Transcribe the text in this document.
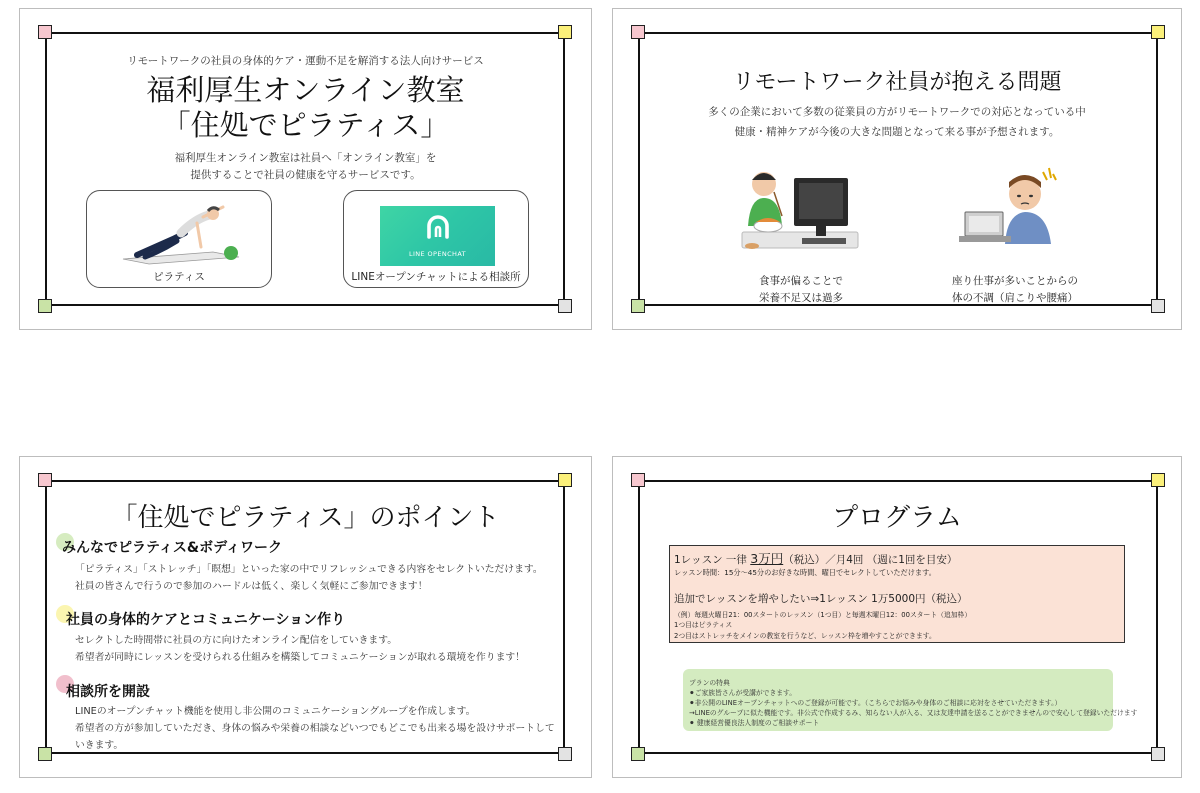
リモートワークの社員の身体的ケア・運動不足を解消する法人向けサービス
福利厚生オンライン教室
「住処でピラティス」
福利厚生オンライン教室は社員へ「オンライン教室」を
提供することで社員の健康を守るサービスです。
ピラティス
LINE OPENCHAT
LINEオープンチャットによる相談所
リモートワーク社員が抱える問題
多くの企業において多数の従業員の方がリモートワークでの対応となっている中
健康・精神ケアが今後の大きな問題となって来る事が予想されます。
食事が偏ることで
栄養不足又は過多
座り仕事が多いことからの
体の不調（肩こりや腰痛）
「住処でピラティス」のポイント
みんなでピラティス&ボディワーク
「ピラティス」「ストレッチ」「瞑想」といった家の中でリフレッシュできる内容をセレクトいただけます。
社員の皆さんで行うので参加のハードルは低く、楽しく気軽にご参加できます！
社員の身体的ケアとコミュニケーション作り
セレクトした時間帯に社員の方に向けたオンライン配信をしていきます。
希望者が同時にレッスンを受けられる仕組みを構築してコミュニケーションが取れる環境を作ります！
相談所を開設
LINEのオープンチャット機能を使用し非公開のコミュニケーショングループを作成します。
希望者の方が参加していただき、身体の悩みや栄養の相談などいつでもどこでも出来る場を設けサポートして
いきます。
プログラム
1レッスン 一律 3万円（税込）／月4回 （週に1回を目安）
レッスン時間：15分〜45分のお好きな時間、曜日でセレクトしていただけます。
追加でレッスンを増やしたい⇒1レッスン 1万5000円（税込）
（例）毎週火曜日21：00スタートのレッスン（1つ目）と毎週木曜日12：00スタート（追加枠）
1つ目はピラティス
2つ目はストレッチをメインの教室を行うなど、レッスン枠を増やすことができます。
プランの特典
⚫︎ご家族皆さんが受講ができます。
⚫︎非公開のLINEオープンチャットへのご登録が可能です。（こちらでお悩みや身体のご相談に応対をさせていただきます。）
→LINEのグループに似た機能です。非公式で作成するみ、知らない人が入る、又は友達申請を送ることができませんので安心して登録いただけます
⚫︎ 健康経営優良法人制度のご相談サポート
